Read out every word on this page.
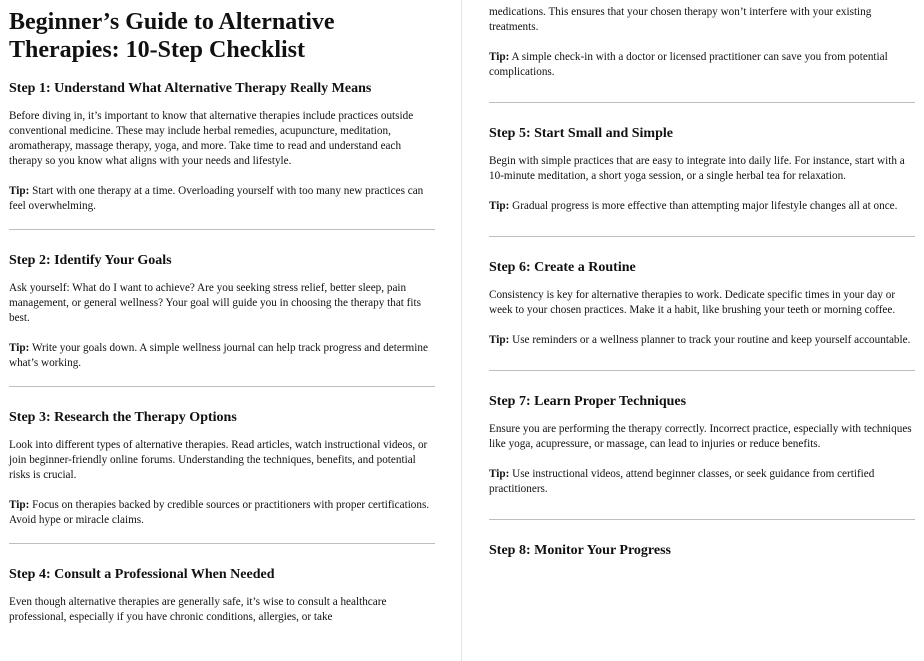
Beginner’s Guide to Alternative Therapies: 10-Step Checklist
Step 1: Understand What Alternative Therapy Really Means

Before diving in, it’s important to know that alternative therapies include practices outside conventional medicine. These may include herbal remedies, acupuncture, meditation, aromatherapy, massage therapy, yoga, and more. Take time to read and understand each therapy so you know what aligns with your needs and lifestyle.

Tip: Start with one therapy at a time. Overloading yourself with too many new practices can feel overwhelming.

Step 2: Identify Your Goals

Ask yourself: What do I want to achieve? Are you seeking stress relief, better sleep, pain management, or general wellness? Your goal will guide you in choosing the therapy that fits best.

Tip: Write your goals down. A simple wellness journal can help track progress and determine what’s working.

Step 3: Research the Therapy Options

Look into different types of alternative therapies. Read articles, watch instructional videos, or join beginner-friendly online forums. Understanding the techniques, benefits, and potential risks is crucial.

Tip: Focus on therapies backed by credible sources or practitioners with proper certifications. Avoid hype or miracle claims.

Step 4: Consult a Professional When Needed

Even though alternative therapies are generally safe, it’s wise to consult a healthcare professional, especially if you have chronic conditions, allergies, or take

medications. This ensures that your chosen therapy won’t interfere with your existing treatments.

Tip: A simple check-in with a doctor or licensed practitioner can save you from potential complications.

Step 5: Start Small and Simple

Begin with simple practices that are easy to integrate into daily life. For instance, start with a 10-minute meditation, a short yoga session, or a single herbal tea for relaxation.

Tip: Gradual progress is more effective than attempting major lifestyle changes all at once.

Step 6: Create a Routine

Consistency is key for alternative therapies to work. Dedicate specific times in your day or week to your chosen practices. Make it a habit, like brushing your teeth or morning coffee.

Tip: Use reminders or a wellness planner to track your routine and keep yourself accountable.

Step 7: Learn Proper Techniques

Ensure you are performing the therapy correctly. Incorrect practice, especially with techniques like yoga, acupressure, or massage, can lead to injuries or reduce benefits.

Tip: Use instructional videos, attend beginner classes, or seek guidance from certified practitioners.

Step 8: Monitor Your Progress
